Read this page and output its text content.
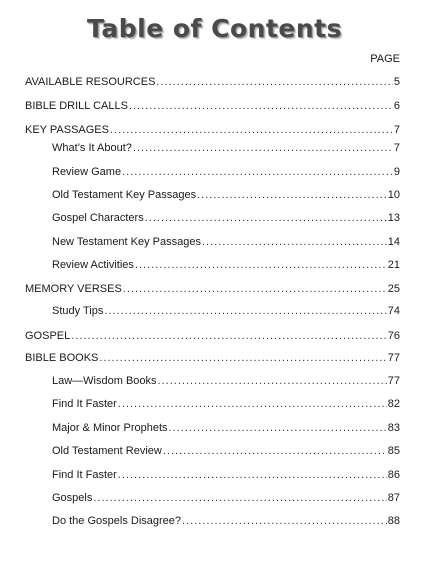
Table of Contents
PAGE
AVAILABLE RESOURCES .....	5
BIBLE DRILL CALLS .....	6
KEY PASSAGES .....	7
What’s It About? .....	7
Review Game .....	9
Old Testament Key Passages .....	10
Gospel Characters .....	13
New Testament Key Passages .....	14
Review Activities .....	21
MEMORY VERSES .....	25
Study Tips .....	74
GOSPEL .....	76
BIBLE BOOKS .....	77
Law—Wisdom Books .....	77
Find It Faster .....	82
Major & Minor Prophets .....	83
Old Testament Review .....	85
Find It Faster .....	86
Gospels .....	87
Do the Gospels Disagree? .....	88
